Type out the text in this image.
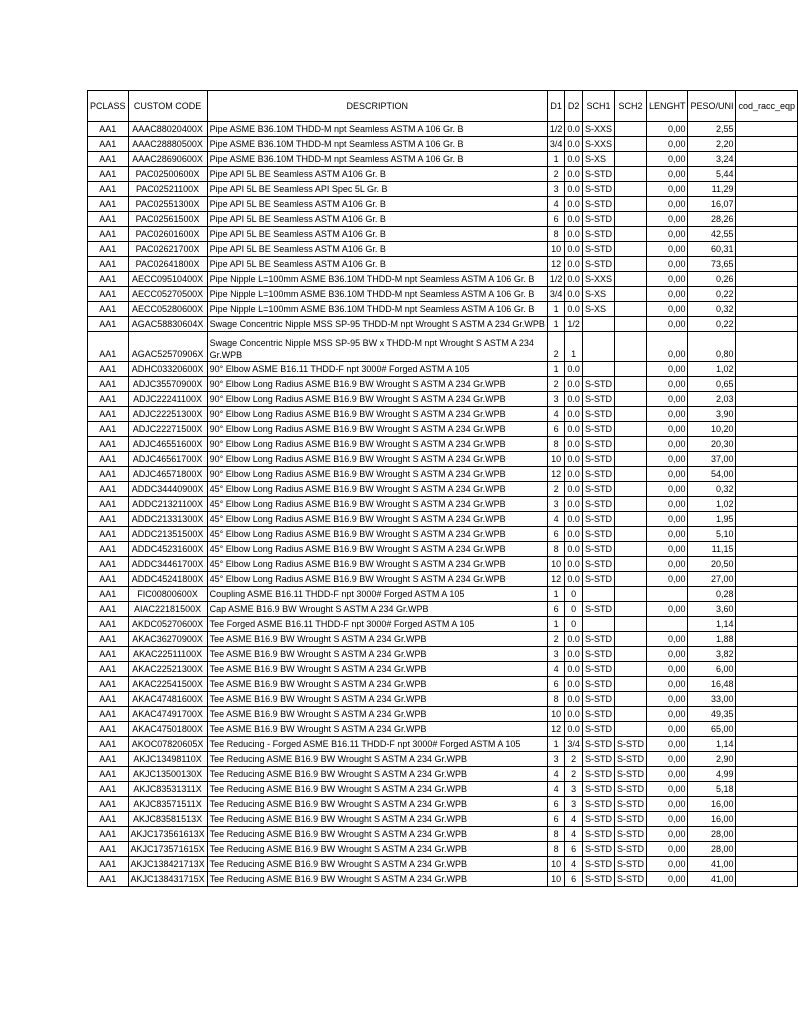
PCLASS	CUSTOM CODE	DESCRIPTION	D1	D2	SCH1	SCH2	LENGHT	PESO/UNI	cod_racc_eqp
AA1	AAAC88020400X	Pipe ASME B36.10M THDD-M npt Seamless ASTM A 106 Gr. B	1/2	0.0	S-XXS		0,00	2,55	
AA1	AAAC28880500X	Pipe ASME B36.10M THDD-M npt Seamless ASTM A 106 Gr. B	3/4	0.0	S-XXS		0,00	2,20	
AA1	AAAC28690600X	Pipe ASME B36.10M THDD-M npt Seamless ASTM A 106 Gr. B	1	0.0	S-XS		0,00	3,24	
AA1	PAC02500600X	Pipe API 5L BE Seamless ASTM A106 Gr. B	2	0.0	S-STD		0,00	5,44	
AA1	PAC02521100X	Pipe API 5L BE Seamless API Spec 5L Gr. B	3	0.0	S-STD		0,00	11,29	
AA1	PAC02551300X	Pipe API 5L BE Seamless ASTM A106 Gr. B	4	0.0	S-STD		0,00	16,07	
AA1	PAC02561500X	Pipe API 5L BE Seamless ASTM A106 Gr. B	6	0.0	S-STD		0,00	28,26	
AA1	PAC02601600X	Pipe API 5L BE Seamless ASTM A106 Gr. B	8	0.0	S-STD		0,00	42,55	
AA1	PAC02621700X	Pipe API 5L BE Seamless ASTM A106 Gr. B	10	0.0	S-STD		0,00	60,31	
AA1	PAC02641800X	Pipe API 5L BE Seamless ASTM A106 Gr. B	12	0.0	S-STD		0,00	73,65	
AA1	AECC09510400X	Pipe Nipple L=100mm ASME B36.10M THDD-M npt Seamless ASTM A 106 Gr. B	1/2	0.0	S-XXS		0,00	0,26	
AA1	AECC05270500X	Pipe Nipple L=100mm ASME B36.10M THDD-M npt Seamless ASTM A 106 Gr. B	3/4	0.0	S-XS		0,00	0,22	
AA1	AECC05280600X	Pipe Nipple L=100mm ASME B36.10M THDD-M npt Seamless ASTM A 106 Gr. B	1	0.0	S-XS		0,00	0,32	
AA1	AGAC58830604X	Swage Concentric Nipple MSS SP-95 THDD-M npt Wrought S ASTM A 234 Gr.WPB	1	1/2			0,00	0,22	
AA1	AGAC52570906X	Swage Concentric Nipple MSS SP-95 BW x THDD-M npt Wrought S ASTM A 234 Gr.WPB	2	1			0,00	0,80	
AA1	ADHC03320600X	90° Elbow ASME B16.11 THDD-F npt 3000# Forged ASTM A 105	1	0.0			0,00	1,02	
AA1	ADJC35570900X	90° Elbow Long Radius ASME B16.9 BW Wrought S ASTM A 234 Gr.WPB	2	0.0	S-STD		0,00	0,65	
AA1	ADJC22241100X	90° Elbow Long Radius ASME B16.9 BW Wrought S ASTM A 234 Gr.WPB	3	0.0	S-STD		0,00	2,03	
AA1	ADJC22251300X	90° Elbow Long Radius ASME B16.9 BW Wrought S ASTM A 234 Gr.WPB	4	0.0	S-STD		0,00	3,90	
AA1	ADJC22271500X	90° Elbow Long Radius ASME B16.9 BW Wrought S ASTM A 234 Gr.WPB	6	0.0	S-STD		0,00	10,20	
AA1	ADJC46551600X	90° Elbow Long Radius ASME B16.9 BW Wrought S ASTM A 234 Gr.WPB	8	0.0	S-STD		0,00	20,30	
AA1	ADJC46561700X	90° Elbow Long Radius ASME B16.9 BW Wrought S ASTM A 234 Gr.WPB	10	0.0	S-STD		0,00	37,00	
AA1	ADJC46571800X	90° Elbow Long Radius ASME B16.9 BW Wrought S ASTM A 234 Gr.WPB	12	0.0	S-STD		0,00	54,00	
AA1	ADDC34440900X	45° Elbow Long Radius ASME B16.9 BW Wrought S ASTM A 234 Gr.WPB	2	0.0	S-STD		0,00	0,32	
AA1	ADDC21321100X	45° Elbow Long Radius ASME B16.9 BW Wrought S ASTM A 234 Gr.WPB	3	0.0	S-STD		0,00	1,02	
AA1	ADDC21331300X	45° Elbow Long Radius ASME B16.9 BW Wrought S ASTM A 234 Gr.WPB	4	0.0	S-STD		0,00	1,95	
AA1	ADDC21351500X	45° Elbow Long Radius ASME B16.9 BW Wrought S ASTM A 234 Gr.WPB	6	0.0	S-STD		0,00	5,10	
AA1	ADDC45231600X	45° Elbow Long Radius ASME B16.9 BW Wrought S ASTM A 234 Gr.WPB	8	0.0	S-STD		0,00	11,15	
AA1	ADDC34461700X	45° Elbow Long Radius ASME B16.9 BW Wrought S ASTM A 234 Gr.WPB	10	0.0	S-STD		0,00	20,50	
AA1	ADDC45241800X	45° Elbow Long Radius ASME B16.9 BW Wrought S ASTM A 234 Gr.WPB	12	0.0	S-STD		0,00	27,00	
AA1	FIC00800600X	Coupling ASME B16.11 THDD-F npt 3000# Forged ASTM A 105	1	0				0,28	
AA1	AIAC22181500X	Cap ASME B16.9 BW Wrought S ASTM A 234 Gr.WPB	6	0	S-STD		0,00	3,60	
AA1	AKDC05270600X	Tee Forged ASME B16.11 THDD-F npt 3000# Forged ASTM A 105	1	0				1,14	
AA1	AKAC36270900X	Tee ASME B16.9 BW Wrought S ASTM A 234 Gr.WPB	2	0.0	S-STD		0,00	1,88	
AA1	AKAC22511100X	Tee ASME B16.9 BW Wrought S ASTM A 234 Gr.WPB	3	0.0	S-STD		0,00	3,82	
AA1	AKAC22521300X	Tee ASME B16.9 BW Wrought S ASTM A 234 Gr.WPB	4	0.0	S-STD		0,00	6,00	
AA1	AKAC22541500X	Tee ASME B16.9 BW Wrought S ASTM A 234 Gr.WPB	6	0.0	S-STD		0,00	16,48	
AA1	AKAC47481600X	Tee ASME B16.9 BW Wrought S ASTM A 234 Gr.WPB	8	0.0	S-STD		0,00	33,00	
AA1	AKAC47491700X	Tee ASME B16.9 BW Wrought S ASTM A 234 Gr.WPB	10	0.0	S-STD		0,00	49,35	
AA1	AKAC47501800X	Tee ASME B16.9 BW Wrought S ASTM A 234 Gr.WPB	12	0.0	S-STD		0,00	65,00	
AA1	AKOC07820605X	Tee Reducing - Forged ASME B16.11 THDD-F npt 3000# Forged ASTM A 105	1	3/4	S-STD	S-STD	0,00	1,14	
AA1	AKJC13498110X	Tee Reducing ASME B16.9 BW Wrought S ASTM A 234 Gr.WPB	3	2	S-STD	S-STD	0,00	2,90	
AA1	AKJC13500130X	Tee Reducing ASME B16.9 BW Wrought S ASTM A 234 Gr.WPB	4	2	S-STD	S-STD	0,00	4,99	
AA1	AKJC83531311X	Tee Reducing ASME B16.9 BW Wrought S ASTM A 234 Gr.WPB	4	3	S-STD	S-STD	0,00	5,18	
AA1	AKJC83571511X	Tee Reducing ASME B16.9 BW Wrought S ASTM A 234 Gr.WPB	6	3	S-STD	S-STD	0,00	16,00	
AA1	AKJC83581513X	Tee Reducing ASME B16.9 BW Wrought S ASTM A 234 Gr.WPB	6	4	S-STD	S-STD	0,00	16,00	
AA1	AKJC173561613X	Tee Reducing ASME B16.9 BW Wrought S ASTM A 234 Gr.WPB	8	4	S-STD	S-STD	0,00	28,00	
AA1	AKJC173571615X	Tee Reducing ASME B16.9 BW Wrought S ASTM A 234 Gr.WPB	8	6	S-STD	S-STD	0,00	28,00	
AA1	AKJC138421713X	Tee Reducing ASME B16.9 BW Wrought S ASTM A 234 Gr.WPB	10	4	S-STD	S-STD	0,00	41,00	
AA1	AKJC138431715X	Tee Reducing ASME B16.9 BW Wrought S ASTM A 234 Gr.WPB	10	6	S-STD	S-STD	0,00	41,00	
